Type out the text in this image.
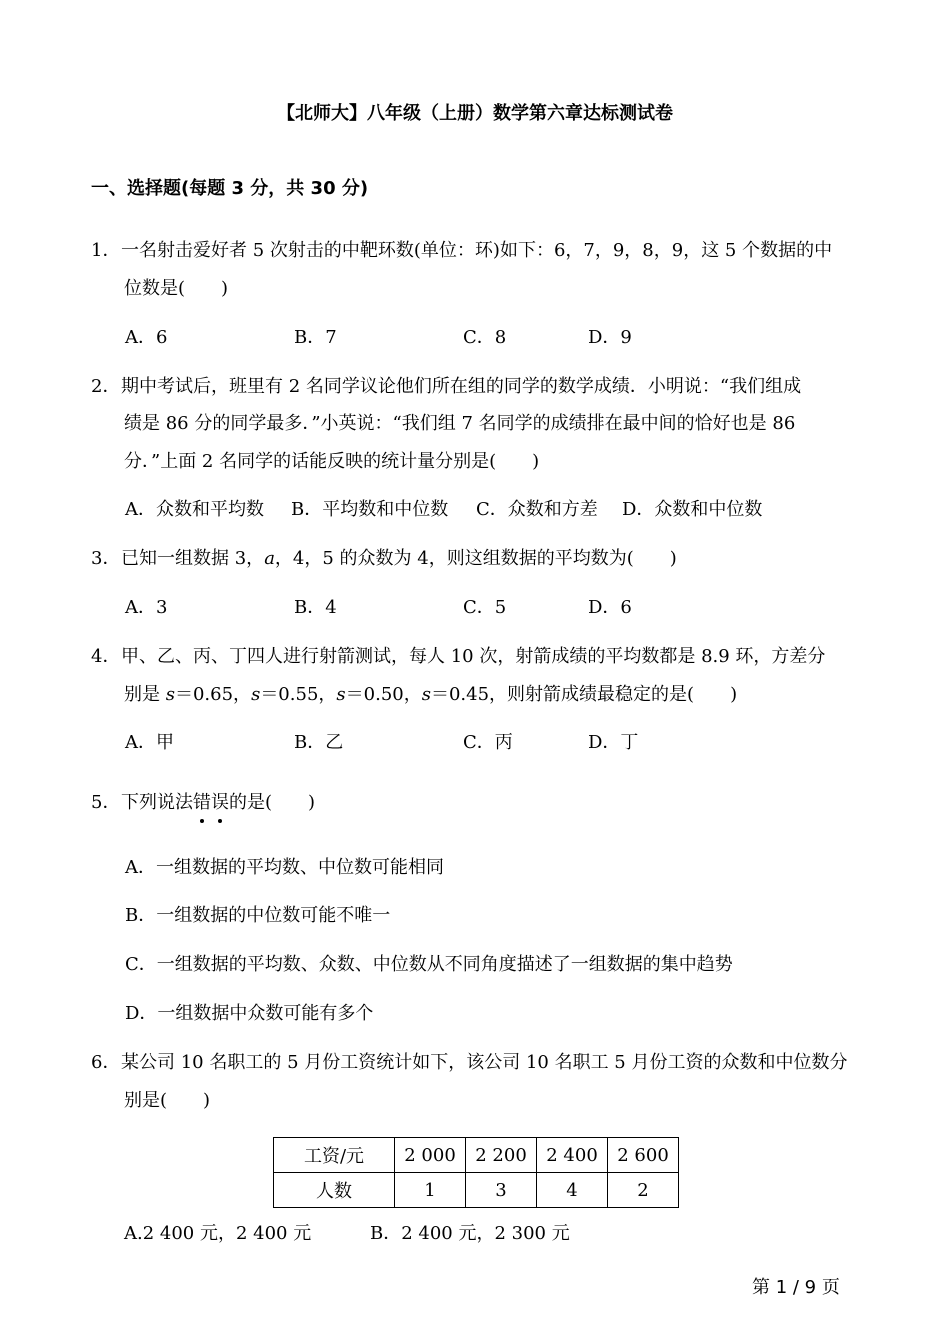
【北师大】八年级（上册）数学第六章达标测试卷
一、选择题(每题 3 分，共 30 分)
1． 一名射击爱好者 5 次射击的中靶环数(单位：环)如下：6，7，9，8，9，这 5 个数据的中
位数是(　　)
A．6	B．7	C．8	D．9
2． 期中考试后，班里有 2 名同学议论他们所在组的同学的数学成绩．小明说：“我们组成
绩是 86 分的同学最多．”小英说：“我们组 7 名同学的成绩排在最中间的恰好也是 86
分．”上面 2 名同学的话能反映的统计量分别是(　　)
A．众数和平均数 B．平均数和中位数 C．众数和方差 D．众数和中位数
3． 已知一组数据 3，a，4，5 的众数为 4，则这组数据的平均数为(　　)
A．3	B．4	C．5	D．6
4． 甲、乙、丙、丁四人进行射箭测试，每人 10 次，射箭成绩的平均数都是 8.9 环，方差分
别是 s＝0.65，s＝0.55，s＝0.50，s＝0.45，则射箭成绩最稳定的是(　　)
A．甲	B．乙	C．丙	D．丁
5． 下列说法错误的是(　　)
A．一组数据的平均数、中位数可能相同
B．一组数据的中位数可能不唯一
C．一组数据的平均数、众数、中位数从不同角度描述了一组数据的集中趋势
D．一组数据中众数可能有多个
6． 某公司 10 名职工的 5 月份工资统计如下，该公司 10 名职工 5 月份工资的众数和中位数分
别是(　　)
工资/元	2 000	2 200	2 400	2 600
人数	1	3	4	2
A.2 400 元，2 400 元	B．2 400 元，2 300 元
第 1 / 9 页
